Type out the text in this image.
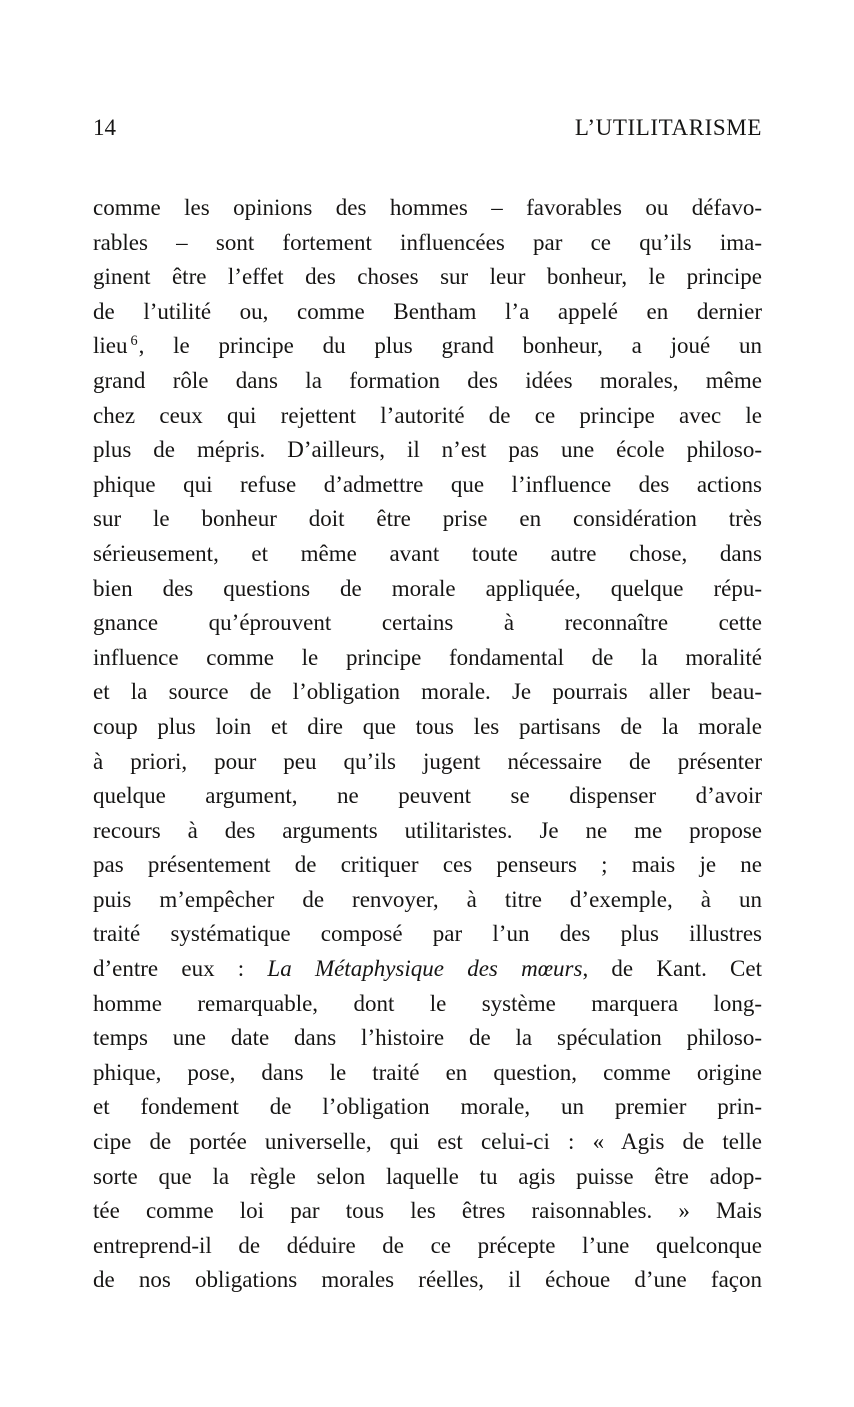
14	L’UTILITARISME
comme les opinions des hommes – favorables ou défavo-
rables – sont fortement influencées par ce qu’ils ima-
ginent être l’effet des choses sur leur bonheur, le principe
de l’utilité ou, comme Bentham l’a appelé en dernier
lieu $^6$, le principe du plus grand bonheur, a joué un
grand rôle dans la formation des idées morales, même
chez ceux qui rejettent l’autorité de ce principe avec le
plus de mépris. D’ailleurs, il n’est pas une école philoso-
phique qui refuse d’admettre que l’influence des actions
sur le bonheur doit être prise en considération très
sérieusement, et même avant toute autre chose, dans
bien des questions de morale appliquée, quelque répu-
gnance qu’éprouvent certains à reconnaître cette
influence comme le principe fondamental de la moralité
et la source de l’obligation morale. Je pourrais aller beau-
coup plus loin et dire que tous les partisans de la morale
à priori, pour peu qu’ils jugent nécessaire de présenter
quelque argument, ne peuvent se dispenser d’avoir
recours à des arguments utilitaristes. Je ne me propose
pas présentement de critiquer ces penseurs ; mais je ne
puis m’empêcher de renvoyer, à titre d’exemple, à un
traité systématique composé par l’un des plus illustres
d’entre eux : La Métaphysique des mœurs, de Kant. Cet
homme remarquable, dont le système marquera long-
temps une date dans l’histoire de la spéculation philoso-
phique, pose, dans le traité en question, comme origine
et fondement de l’obligation morale, un premier prin-
cipe de portée universelle, qui est celui-ci : « Agis de telle
sorte que la règle selon laquelle tu agis puisse être adop-
tée comme loi par tous les êtres raisonnables. » Mais
entreprend-il de déduire de ce précepte l’une quelconque
de nos obligations morales réelles, il échoue d’une façon
